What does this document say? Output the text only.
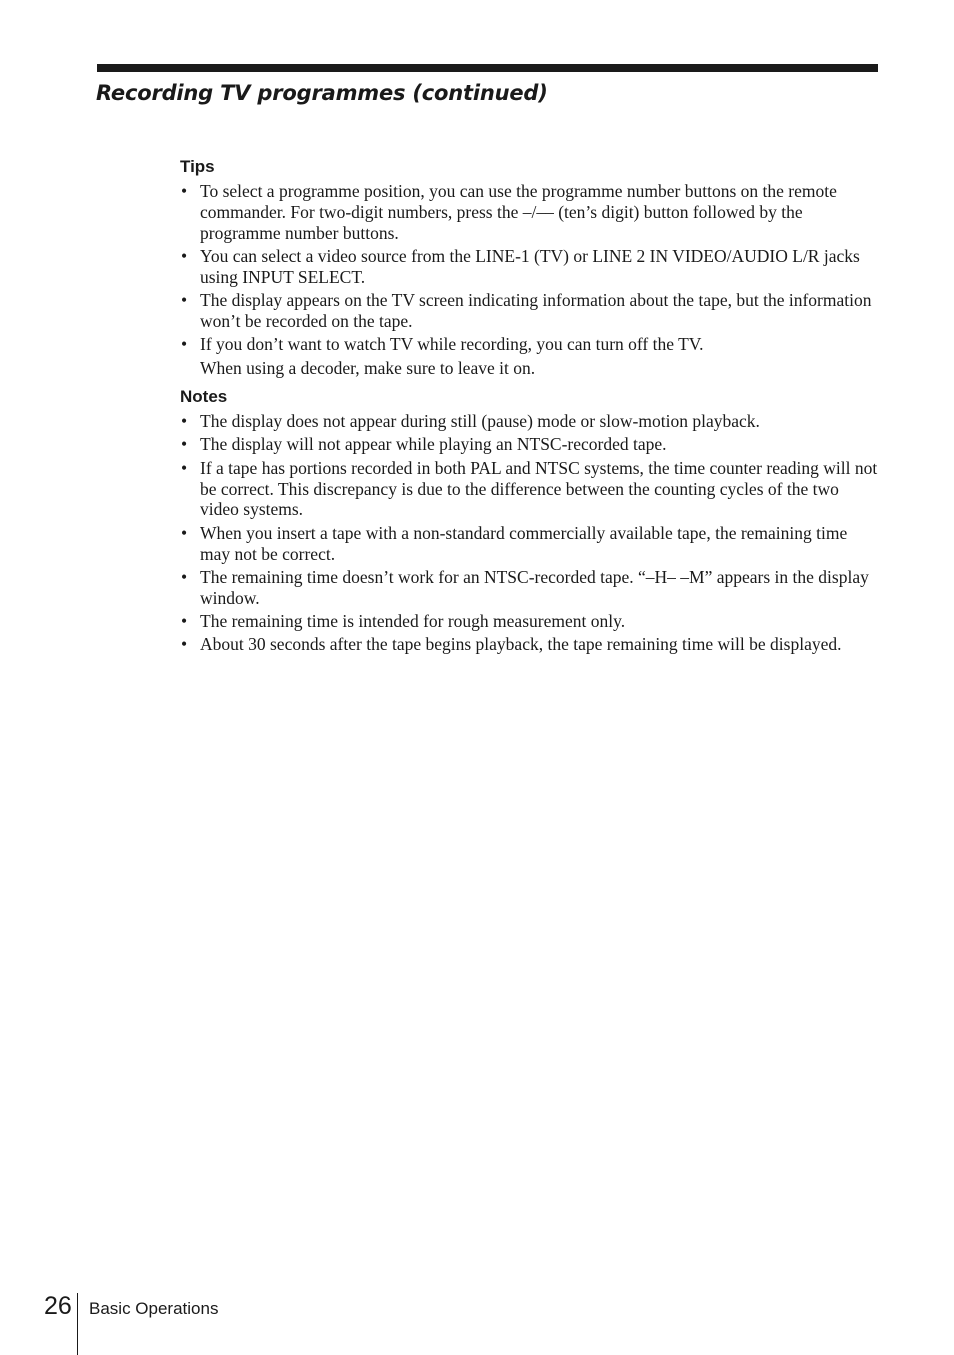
Recording TV programmes (continued)
Tips
• To select a programme position, you can use the programme number buttons on the remote commander. For two-digit numbers, press the –/–– (ten’s digit) button followed by the programme number buttons.
• You can select a video source from the LINE-1 (TV) or LINE 2 IN VIDEO/AUDIO L/R jacks using INPUT SELECT.
• The display appears on the TV screen indicating information about the tape, but the information won’t be recorded on the tape.
• If you don’t want to watch TV while recording, you can turn off the TV.
When using a decoder, make sure to leave it on.
Notes
• The display does not appear during still (pause) mode or slow-motion playback.
• The display will not appear while playing an NTSC-recorded tape.
• If a tape has portions recorded in both PAL and NTSC systems, the time counter reading will not be correct. This discrepancy is due to the difference between the counting cycles of the two video systems.
• When you insert a tape with a non-standard commercially available tape, the remaining time may not be correct.
• The remaining time doesn’t work for an NTSC-recorded tape. “–H– –M” appears in the display window.
• The remaining time is intended for rough measurement only.
• About 30 seconds after the tape begins playback, the tape remaining time will be displayed.
26 Basic Operations
